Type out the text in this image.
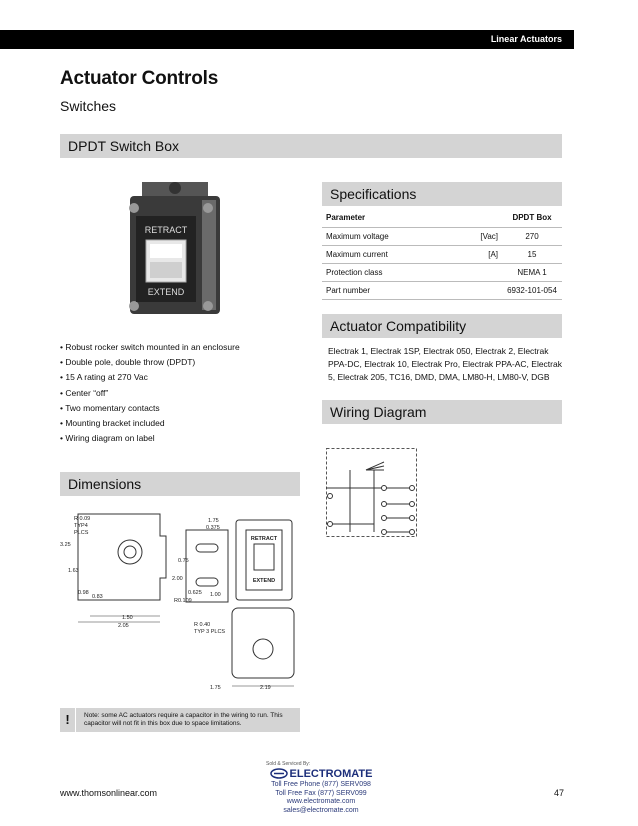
Linear Actuators
Actuator Controls
Switches
DPDT Switch Box
RETRACT
EXTEND
Specifications
Parameter		DPDT Box
Maximum voltage	[Vac]	270
Maximum current	[A]	15
Protection class		NEMA 1
Part number		6932-101-054
Actuator Compatibility
Electrak 1, Electrak 1SP, Electrak 050, Electrak 2, Electrak PPA-DC, Electrak 10, Electrak Pro, Electrak PPA-AC, Electrak 5, Electrak 205, TC16, DMD, DMA, LM80-H, LM80-V, DGB
• Robust rocker switch mounted in an enclosure
• Double pole, double throw (DPDT)
• 15 A rating at 270 Vac
• Center “off”
• Two momentary contacts
• Mounting bracket included
• Wiring diagram on label
Wiring Diagram
Dimensions
R 0.09
TYP4
PLCS
3.25
1.63
0.98
0.83
1.50
2.05
1.75
0.375
0.75
2.00
0.625
R0.109
1.00
RETRACT
EXTEND
R 0.40
TYP 3 PLCS
1.75	2.19
!	Note: some AC actuators require a capacitor in the wiring to run. This capacitor will not fit in this box due to space limitations.
www.thomsonlinear.com	47
Sold & Serviced By:
ELECTROMATE
Toll Free Phone (877) SERV098
Toll Free Fax (877) SERV099
www.electromate.com
sales@electromate.com
